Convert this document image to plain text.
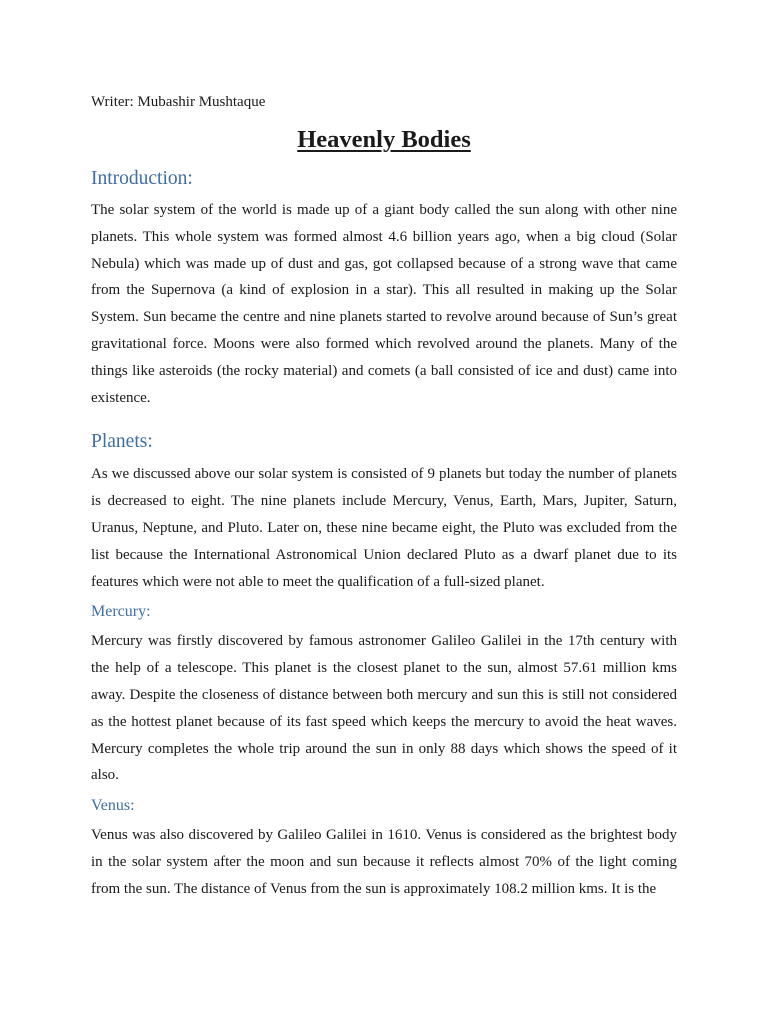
Writer: Mubashir Mushtaque

Heavenly Bodies
Introduction:

The solar system of the world is made up of a giant body called the sun along with other nine planets. This whole system was formed almost 4.6 billion years ago, when a big cloud (Solar Nebula) which was made up of dust and gas, got collapsed because of a strong wave that came from the Supernova (a kind of explosion in a star). This all resulted in making up the Solar System. Sun became the centre and nine planets started to revolve around because of Sun’s great gravitational force. Moons were also formed which revolved around the planets. Many of the things like asteroids (the rocky material) and comets (a ball consisted of ice and dust) came into existence.

Planets:

As we discussed above our solar system is consisted of 9 planets but today the number of planets is decreased to eight. The nine planets include Mercury, Venus, Earth, Mars, Jupiter, Saturn, Uranus, Neptune, and Pluto. Later on, these nine became eight, the Pluto was excluded from the list because the International Astronomical Union declared Pluto as a dwarf planet due to its features which were not able to meet the qualification of a full-sized planet.

Mercury:

Mercury was firstly discovered by famous astronomer Galileo Galilei in the 17th century with the help of a telescope. This planet is the closest planet to the sun, almost 57.61 million kms away. Despite the closeness of distance between both mercury and sun this is still not considered as the hottest planet because of its fast speed which keeps the mercury to avoid the heat waves. Mercury completes the whole trip around the sun in only 88 days which shows the speed of it also.

Venus:

Venus was also discovered by Galileo Galilei in 1610. Venus is considered as the brightest body in the solar system after the moon and sun because it reflects almost 70% of the light coming from the sun. The distance of Venus from the sun is approximately 108.2 million kms. It is the
